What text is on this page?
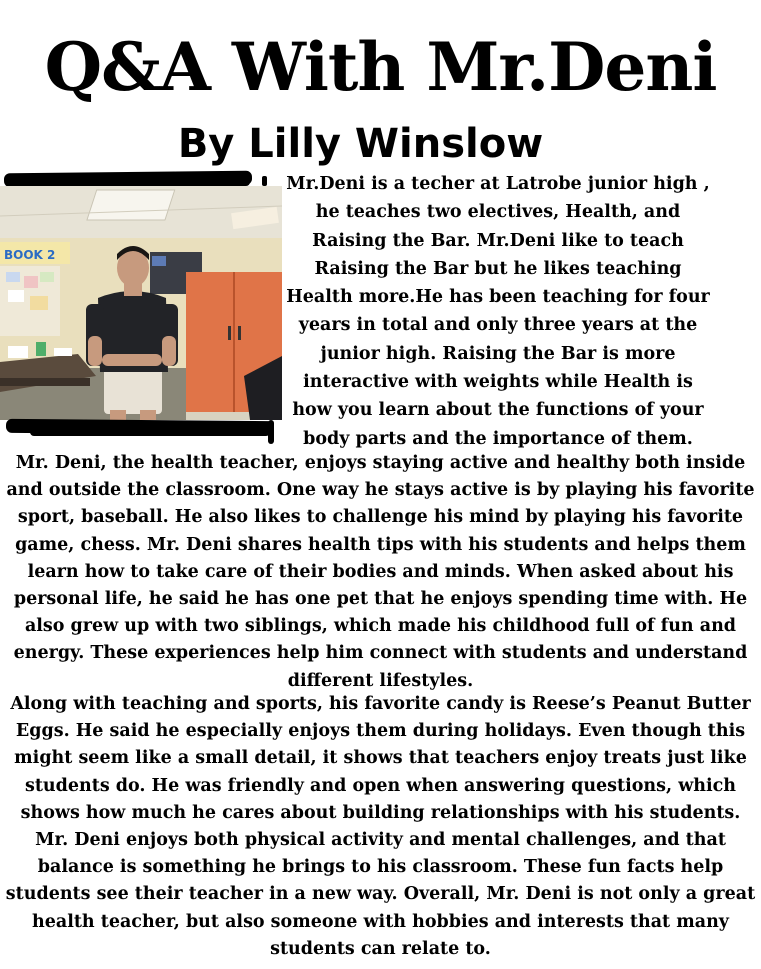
Q&A With Mr.Deni
By Lilly Winslow
BOOK 2

Mr.Deni is a techer at Latrobe junior high ,
he teaches two electives, Health, and
Raising the Bar. Mr.Deni like to teach
Raising the Bar but he likes teaching
Health more.He has been teaching for four
years in total and only three years at the
junior high. Raising the Bar is more
interactive with weights while Health is
how you learn about the functions of your
body parts and the importance of them.

Mr. Deni, the health teacher, enjoys staying active and healthy both inside
and outside the classroom. One way he stays active is by playing his favorite
sport, baseball. He also likes to challenge his mind by playing his favorite
game, chess. Mr. Deni shares health tips with his students and helps them
learn how to take care of their bodies and minds. When asked about his
personal life, he said he has one pet that he enjoys spending time with. He
also grew up with two siblings, which made his childhood full of fun and
energy. These experiences help him connect with students and understand
different lifestyles.

Along with teaching and sports, his favorite candy is Reese’s Peanut Butter
Eggs. He said he especially enjoys them during holidays. Even though this
might seem like a small detail, it shows that teachers enjoy treats just like
students do. He was friendly and open when answering questions, which
shows how much he cares about building relationships with his students.
Mr. Deni enjoys both physical activity and mental challenges, and that
balance is something he brings to his classroom. These fun facts help
students see their teacher in a new way. Overall, Mr. Deni is not only a great
health teacher, but also someone with hobbies and interests that many
students can relate to.
